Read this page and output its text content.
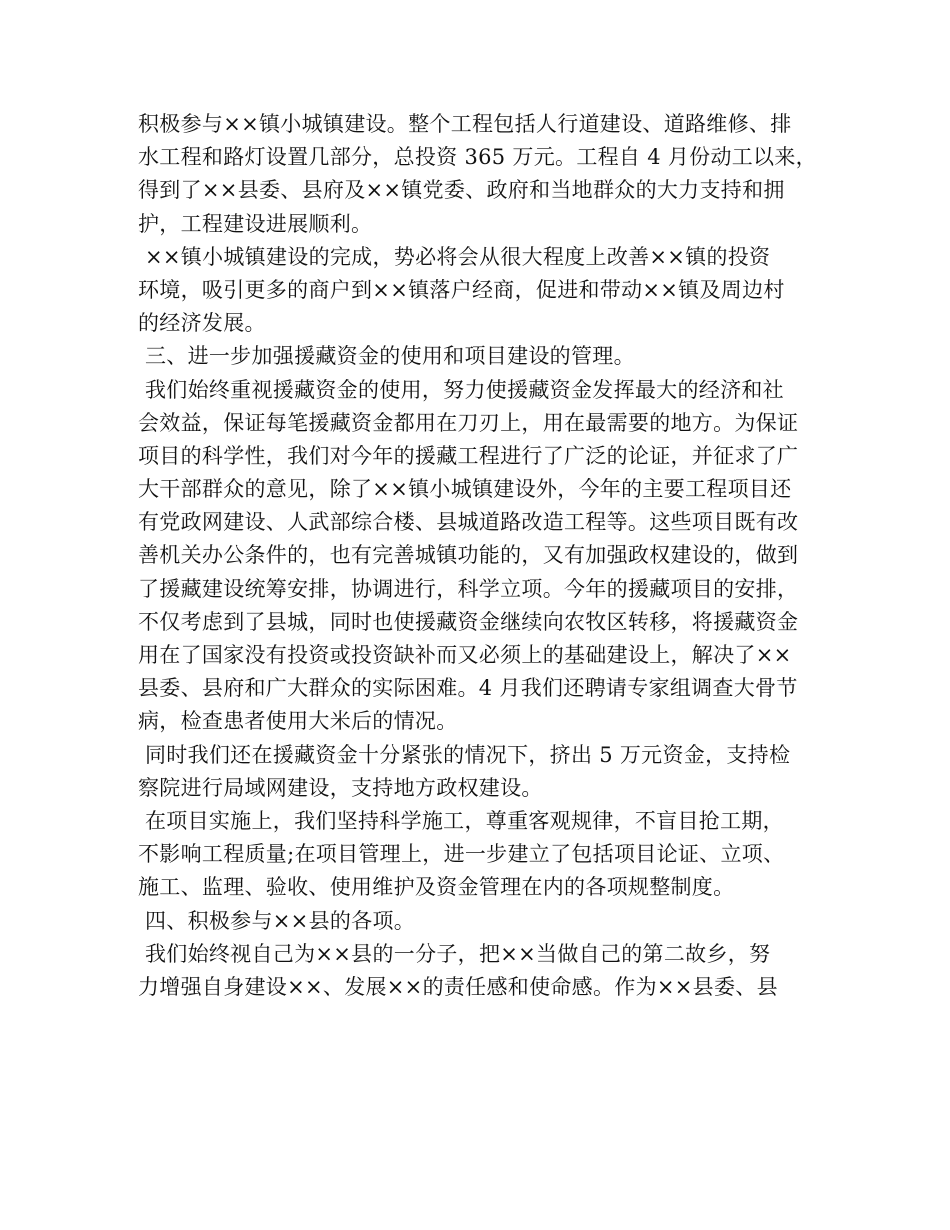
积极参与××镇小城镇建设。整个工程包括人行道建设、道路维修、排
水工程和路灯设置几部分，总投资 365 万元。工程自 4 月份动工以来，
得到了××县委、县府及××镇党委、政府和当地群众的大力支持和拥
护，工程建设进展顺利。
××镇小城镇建设的完成，势必将会从很大程度上改善××镇的投资
环境，吸引更多的商户到××镇落户经商，促进和带动××镇及周边村
的经济发展。
三、进一步加强援藏资金的使用和项目建设的管理。
我们始终重视援藏资金的使用，努力使援藏资金发挥最大的经济和社
会效益，保证每笔援藏资金都用在刀刃上，用在最需要的地方。为保证
项目的科学性，我们对今年的援藏工程进行了广泛的论证，并征求了广
大干部群众的意见，除了××镇小城镇建设外，今年的主要工程项目还
有党政网建设、人武部综合楼、县城道路改造工程等。这些项目既有改
善机关办公条件的，也有完善城镇功能的，又有加强政权建设的，做到
了援藏建设统筹安排，协调进行，科学立项。今年的援藏项目的安排，
不仅考虑到了县城，同时也使援藏资金继续向农牧区转移，将援藏资金
用在了国家没有投资或投资缺补而又必须上的基础建设上，解决了××
县委、县府和广大群众的实际困难。4 月我们还聘请专家组调查大骨节
病，检查患者使用大米后的情况。
同时我们还在援藏资金十分紧张的情况下，挤出 5 万元资金，支持检
察院进行局域网建设，支持地方政权建设。
在项目实施上，我们坚持科学施工，尊重客观规律，不盲目抢工期，
不影响工程质量;在项目管理上，进一步建立了包括项目论证、立项、
施工、监理、验收、使用维护及资金管理在内的各项规整制度。
四、积极参与××县的各项。
我们始终视自己为××县的一分子，把××当做自己的第二故乡，努
力增强自身建设××、发展××的责任感和使命感。作为××县委、县
